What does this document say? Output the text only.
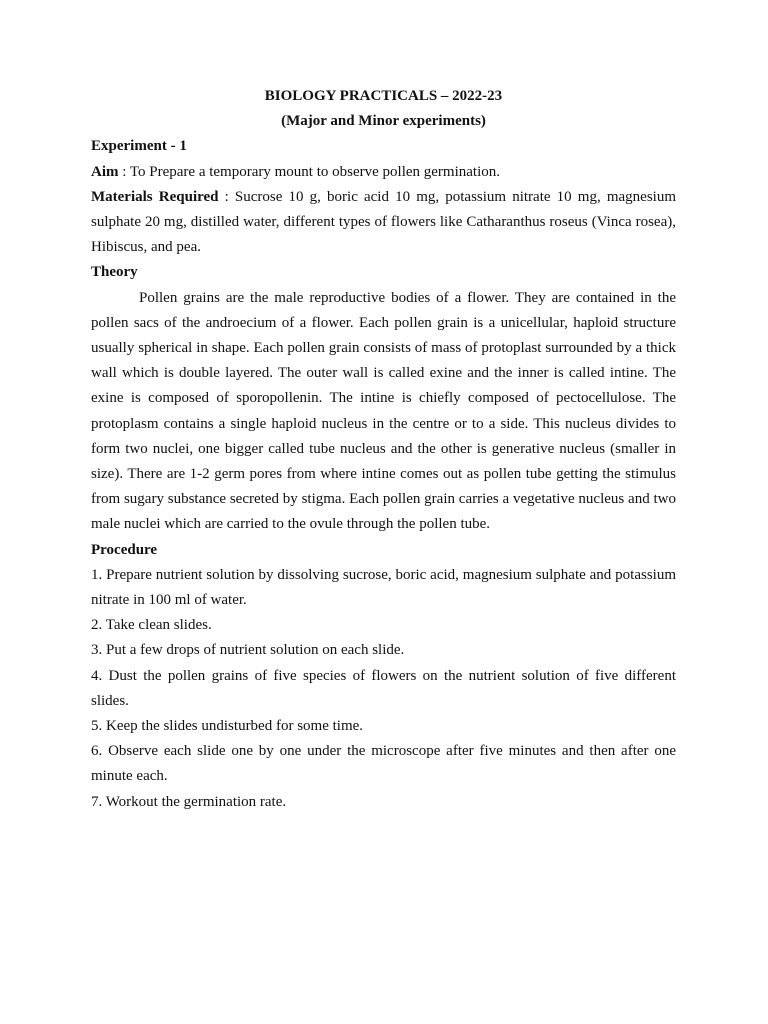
BIOLOGY PRACTICALS – 2022-23

(Major and Minor experiments)

Experiment - 1

Aim : To Prepare a temporary mount to observe pollen germination.

Materials Required : Sucrose 10 g, boric acid 10 mg, potassium nitrate 10 mg, magnesium sulphate 20 mg, distilled water, different types of flowers like Catharanthus roseus (Vinca rosea), Hibiscus, and pea.

Theory

Pollen grains are the male reproductive bodies of a flower. They are contained in the pollen sacs of the androecium of a flower. Each pollen grain is a unicellular, haploid structure usually spherical in shape. Each pollen grain consists of mass of protoplast surrounded by a thick wall which is double layered. The outer wall is called exine and the inner is called intine. The exine is composed of sporopollenin. The intine is chiefly composed of pectocellulose. The protoplasm contains a single haploid nucleus in the centre or to a side. This nucleus divides to form two nuclei, one bigger called tube nucleus and the other is generative nucleus (smaller in size). There are 1-2 germ pores from where intine comes out as pollen tube getting the stimulus from sugary substance secreted by stigma. Each pollen grain carries a vegetative nucleus and two male nuclei which are carried to the ovule through the pollen tube.

Procedure

1. Prepare nutrient solution by dissolving sucrose, boric acid, magnesium sulphate and potassium nitrate in 100 ml of water.

2. Take clean slides.

3. Put a few drops of nutrient solution on each slide.

4. Dust the pollen grains of five species of flowers on the nutrient solution of five different slides.

5. Keep the slides undisturbed for some time.

6. Observe each slide one by one under the microscope after five minutes and then after one minute each.

7. Workout the germination rate.
